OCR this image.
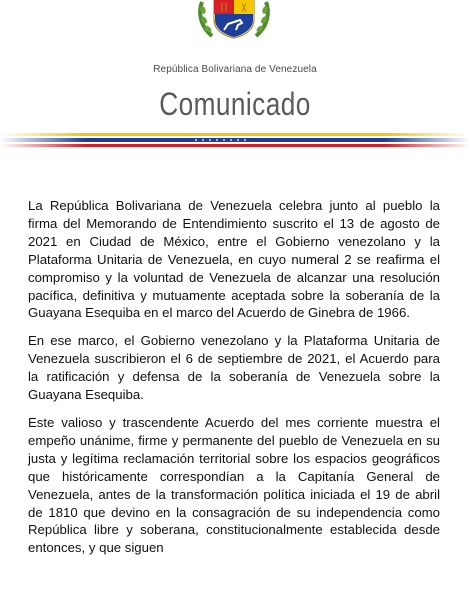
República Bolivariana de Venezuela
Comunicado

La República Bolivariana de Venezuela celebra junto al pueblo la firma del Memorando de Entendimiento suscrito el 13 de agosto de 2021 en Ciudad de México, entre el Gobierno venezolano y la Plataforma Unitaria de Venezuela, en cuyo numeral 2 se reafirma el compromiso y la voluntad de Venezuela de alcanzar una resolución pacífica, definitiva y mutuamente aceptada sobre la soberanía de la Guayana Esequiba en el marco del Acuerdo de Ginebra de 1966.

En ese marco, el Gobierno venezolano y la Plataforma Unitaria de Venezuela suscribieron el 6 de septiembre de 2021, el Acuerdo para la ratificación y defensa de la soberanía de Venezuela sobre la Guayana Esequiba.

Este valioso y trascendente Acuerdo del mes corriente muestra el empeño unánime, firme y permanente del pueblo de Venezuela en su justa y legítima reclamación territorial sobre los espacios geográficos que históricamente correspondían a la Capitanía General de Venezuela, antes de la transformación política iniciada el 19 de abril de 1810 que devino en la consagración de su independencia como República libre y soberana, constitucionalmente establecida desde entonces, y que siguen
